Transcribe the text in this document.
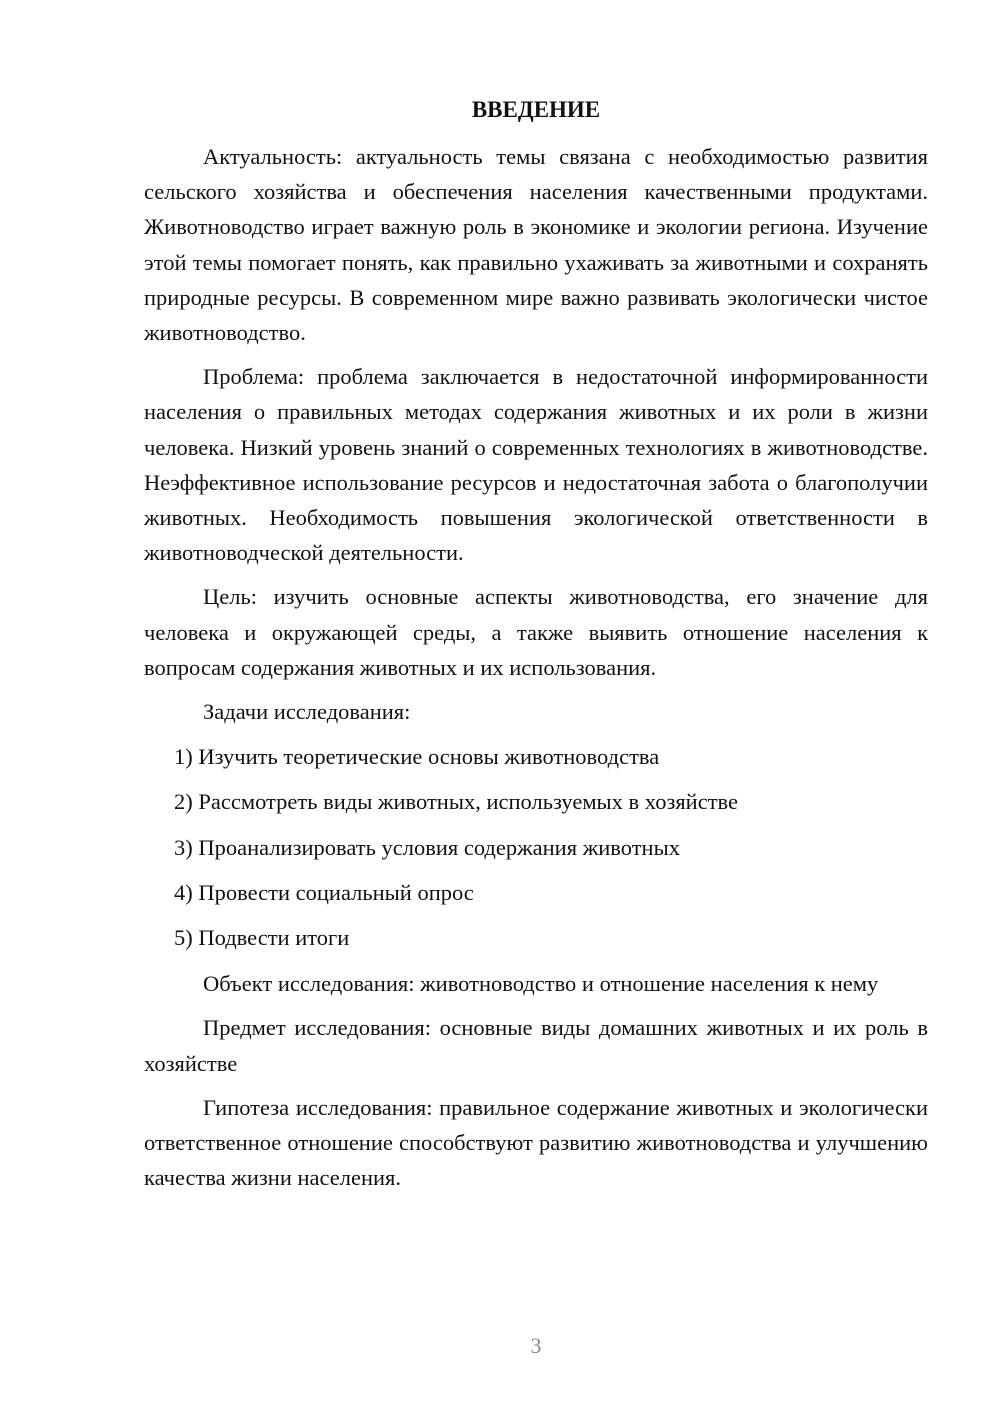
ВВЕДЕНИЕ

Актуальность: актуальность темы связана с необходимостью развития сельского хозяйства и обеспечения населения качественными продуктами. Животноводство играет важную роль в экономике и экологии региона. Изучение этой темы помогает понять, как правильно ухаживать за животными и сохранять природные ресурсы. В современном мире важно развивать экологически чистое животноводство.

Проблема: проблема заключается в недостаточной информированности населения о правильных методах содержания животных и их роли в жизни человека. Низкий уровень знаний о современных технологиях в животноводстве. Неэффективное использование ресурсов и недостаточная забота о благополучии животных. Необходимость повышения экологической ответственности в животноводческой деятельности.

Цель: изучить основные аспекты животноводства, его значение для человека и окружающей среды, а также выявить отношение населения к вопросам содержания животных и их использования.

Задачи исследования:

1) Изучить теоретические основы животноводства

2) Рассмотреть виды животных, используемых в хозяйстве

3) Проанализировать условия содержания животных

4) Провести социальный опрос

5) Подвести итоги

Объект исследования: животноводство и отношение населения к нему

Предмет исследования: основные виды домашних животных и их роль в хозяйстве

Гипотеза исследования: правильное содержание животных и экологически ответственное отношение способствуют развитию животноводства и улучшению качества жизни населения.

3
